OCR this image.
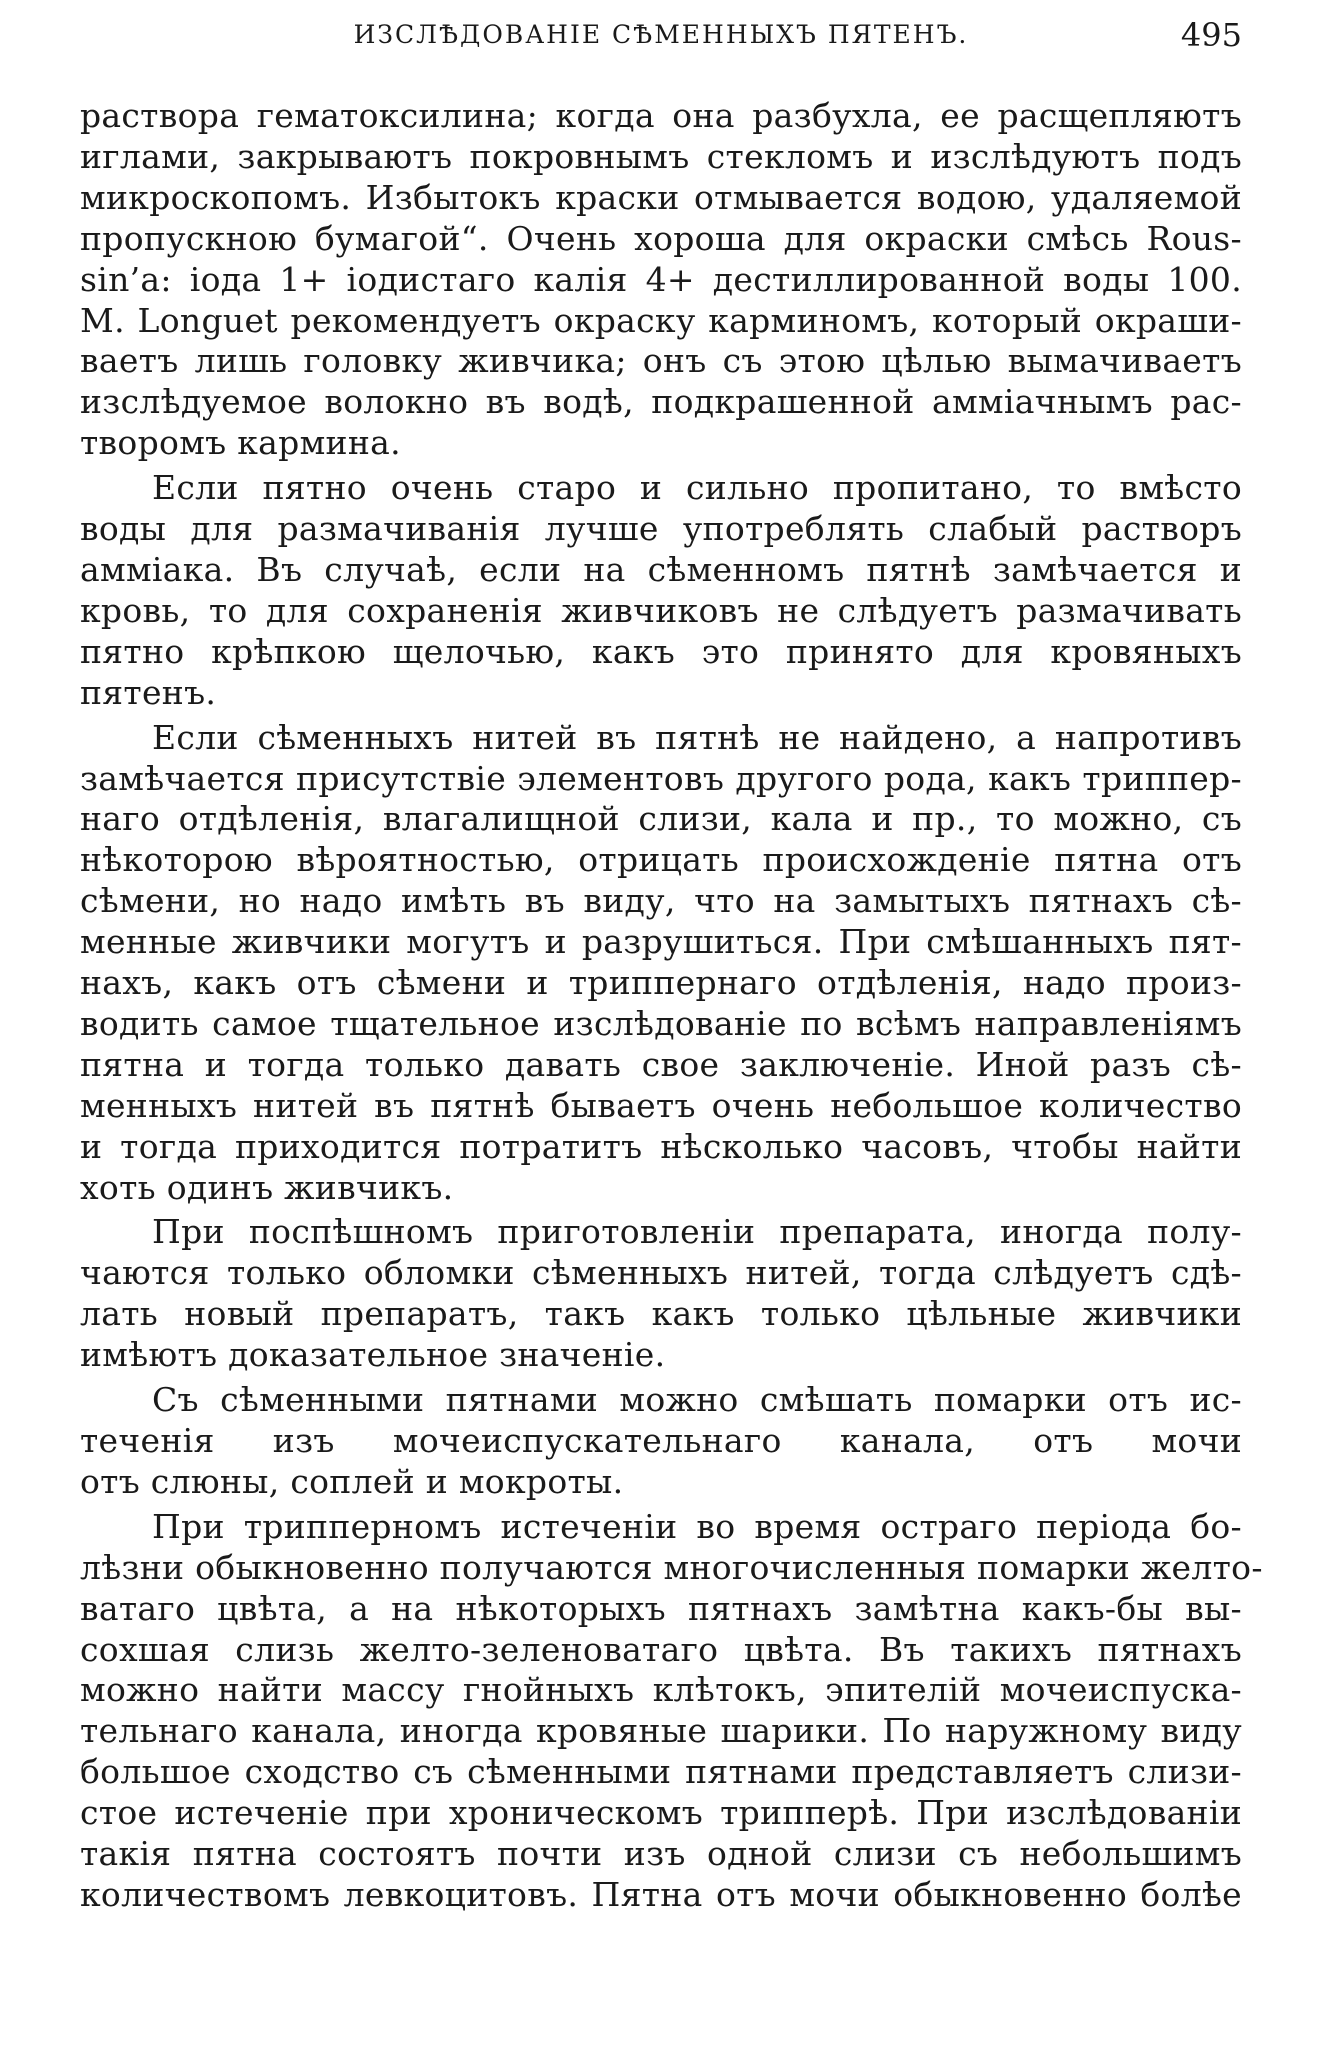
ИЗСЛѢДОВАНІЕ СѢМЕННЫХЪ ПЯТЕНЪ.	495

раствора гематоксилина; когда она разбухла, ее расщепляютъ
иглами, закрываютъ покровнымъ стекломъ и изслѣдуютъ подъ
микроскопомъ. Избытокъ краски отмывается водою, удаляемой
пропускною бумагой“. Очень хороша для окраски смѣсь Rous-
sin’a: іода 1+ іодистаго калія 4+ дестиллированной воды 100.
M. Longuet рекомендуетъ окраску карминомъ, который окраши-
ваетъ лишь головку живчика; онъ съ этою цѣлью вымачиваетъ
изслѣдуемое волокно въ водѣ, подкрашенной амміачнымъ рас-
творомъ кармина.

Если пятно очень старо и сильно пропитано, то вмѣсто
воды для размачиванія лучше употреблять слабый растворъ
амміака. Въ случаѣ, если на сѣменномъ пятнѣ замѣчается и
кровь, то для сохраненія живчиковъ не слѣдуетъ размачивать
пятно крѣпкою щелочью, какъ это принято для кровяныхъ
пятенъ.

Если сѣменныхъ нитей въ пятнѣ не найдено, а напротивъ
замѣчается присутствіе элементовъ другого рода, какъ триппер-
наго отдѣленія, влагалищной слизи, кала и пр., то можно, съ
нѣкоторою вѣроятностью, отрицать происхожденіе пятна отъ
сѣмени, но надо имѣть въ виду, что на замытыхъ пятнахъ сѣ-
менные живчики могутъ и разрушиться. При смѣшанныхъ пят-
нахъ, какъ отъ сѣмени и триппернаго отдѣленія, надо произ-
водить самое тщательное изслѣдованіе по всѣмъ направленіямъ
пятна и тогда только давать свое заключеніе. Иной разъ сѣ-
менныхъ нитей въ пятнѣ бываетъ очень небольшое количество
и тогда приходится потратитъ нѣсколько часовъ, чтобы найти
хоть одинъ живчикъ.

При поспѣшномъ приготовленіи препарата, иногда полу-
чаются только обломки сѣменныхъ нитей, тогда слѣдуетъ сдѣ-
лать новый препаратъ, такъ какъ только цѣльные живчики
имѣютъ доказательное значеніе.

Съ сѣменными пятнами можно смѣшать помарки отъ ис-
теченія изъ мочеиспускательнаго канала, отъ мочи
отъ слюны, соплей и мокроты.

При трипперномъ истеченіи во время остраго періода бо-
лѣзни обыкновенно получаются многочисленныя помарки желто-
ватаго цвѣта, а на нѣкоторыхъ пятнахъ замѣтна какъ-бы вы-
сохшая слизь желто-зеленоватаго цвѣта. Въ такихъ пятнахъ
можно найти массу гнойныхъ клѣтокъ, эпителій мочеиспуска-
тельнаго канала, иногда кровяные шарики. По наружному виду
большое сходство съ сѣменными пятнами представляетъ слизи-
стое истеченіе при хроническомъ трипперѣ. При изслѣдованіи
такія пятна состоятъ почти изъ одной слизи съ небольшимъ
количествомъ левкоцитовъ. Пятна отъ мочи обыкновенно болѣе
